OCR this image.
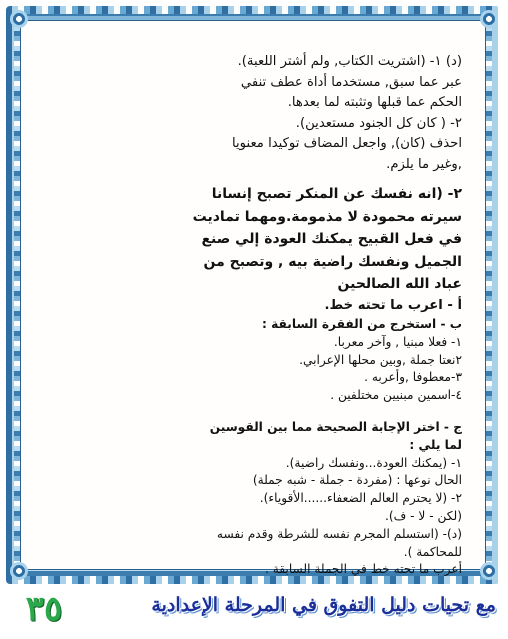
(د) ١- (اشتريت الكتاب, ولم أشتر اللعبة).

عبر عما سبق, مستخدما أداة عطف تنفي

الحكم عما قبلها وتثبته لما بعدها.

٢- ( كان كل الجنود مستعدين).

احذف (كان), واجعل المضاف توكيدا معنويا

,وغير ما يلزم.

٢- (انه نفسك عن المنكر تصبح إنسانا

سيرته محمودة لا مذمومة.ومهما تماديت

في فعل القبيح يمكنك العودة إلي صنع

الجميل ونفسك راضية بيه , وتصبح من

عباد الله الصالحين

أ - اعرب ما تحته خط.

ب - استخرج من الفقرة السابقة :

١- فعلا مبنيا , وآخر معربا.

٢نعتا جملة ,وبين محلها الإعرابي.

٣-معطوفا ,وأعربه .

٤-اسمين مبنيين مختلفين .

ج - اختر الإجابة الصحيحة مما بين القوسين

لما يلي :

١- (يمكنك العودة...ونفسك راضية).

الحال نوعها : (مفردة - جملة - شبه جملة)

٢- (لا يحترم العالم الضعفاء......الأقوياء).

(لكن - لا - ف).

(د)- (استسلم المجرم نفسه للشرطة وقدم نفسه

للمحاكمة ).

أعرب ما تحته خط في الجملة السابقة .

٣٥	مع تحيات دليل التفوق في المرحلة الإعدادية
